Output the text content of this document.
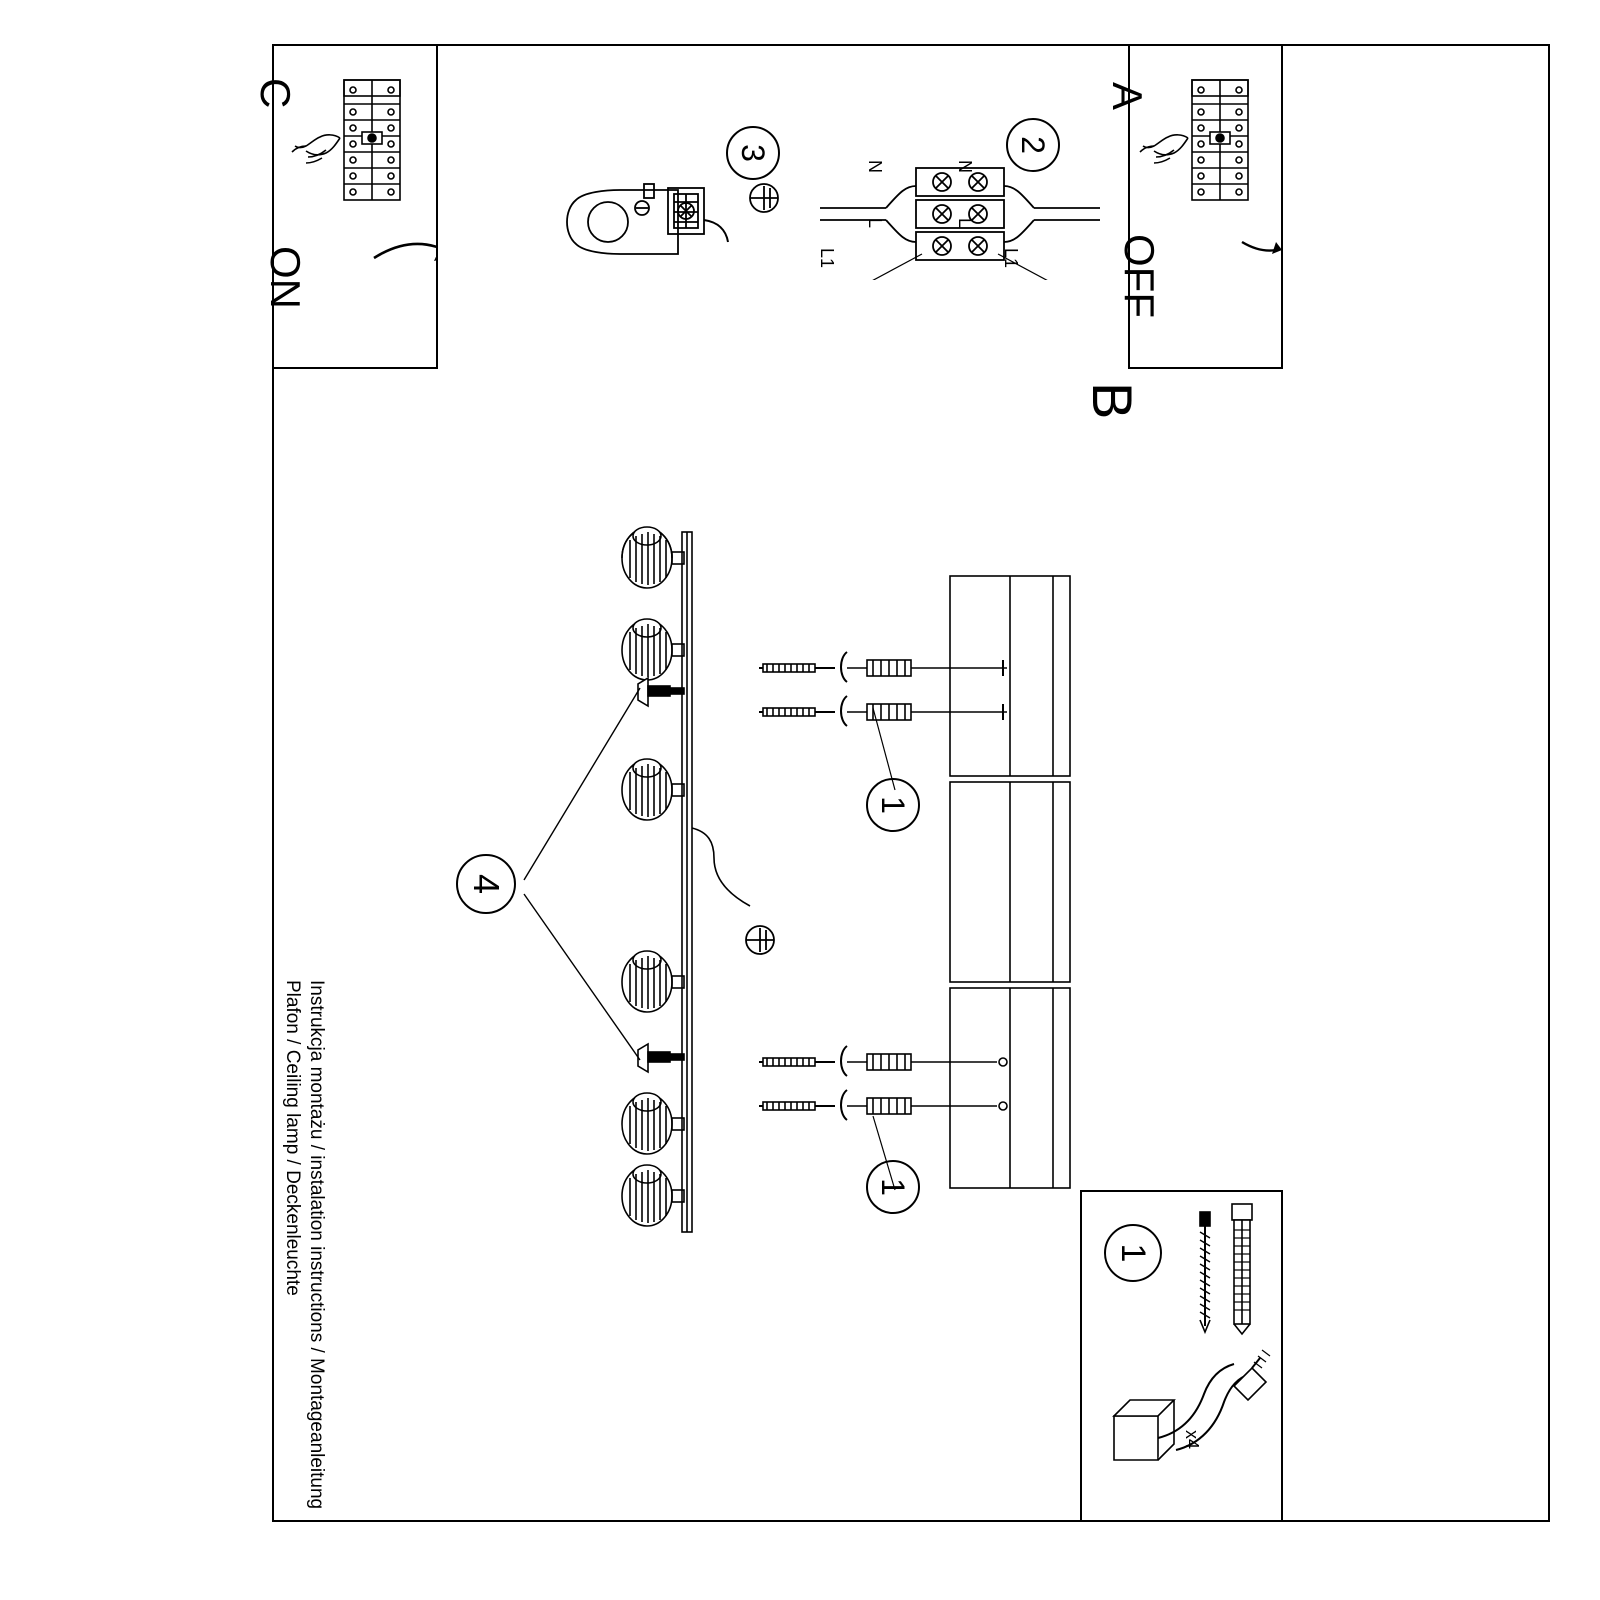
A
OFF
C
ON
3
N
L
N
L
L1	L1
2
B
4
1
1
1
x4
Instrukcja montażu / instalation instructions / Montageanleitung
Plafon / Ceiling lamp / Deckenleuchte
